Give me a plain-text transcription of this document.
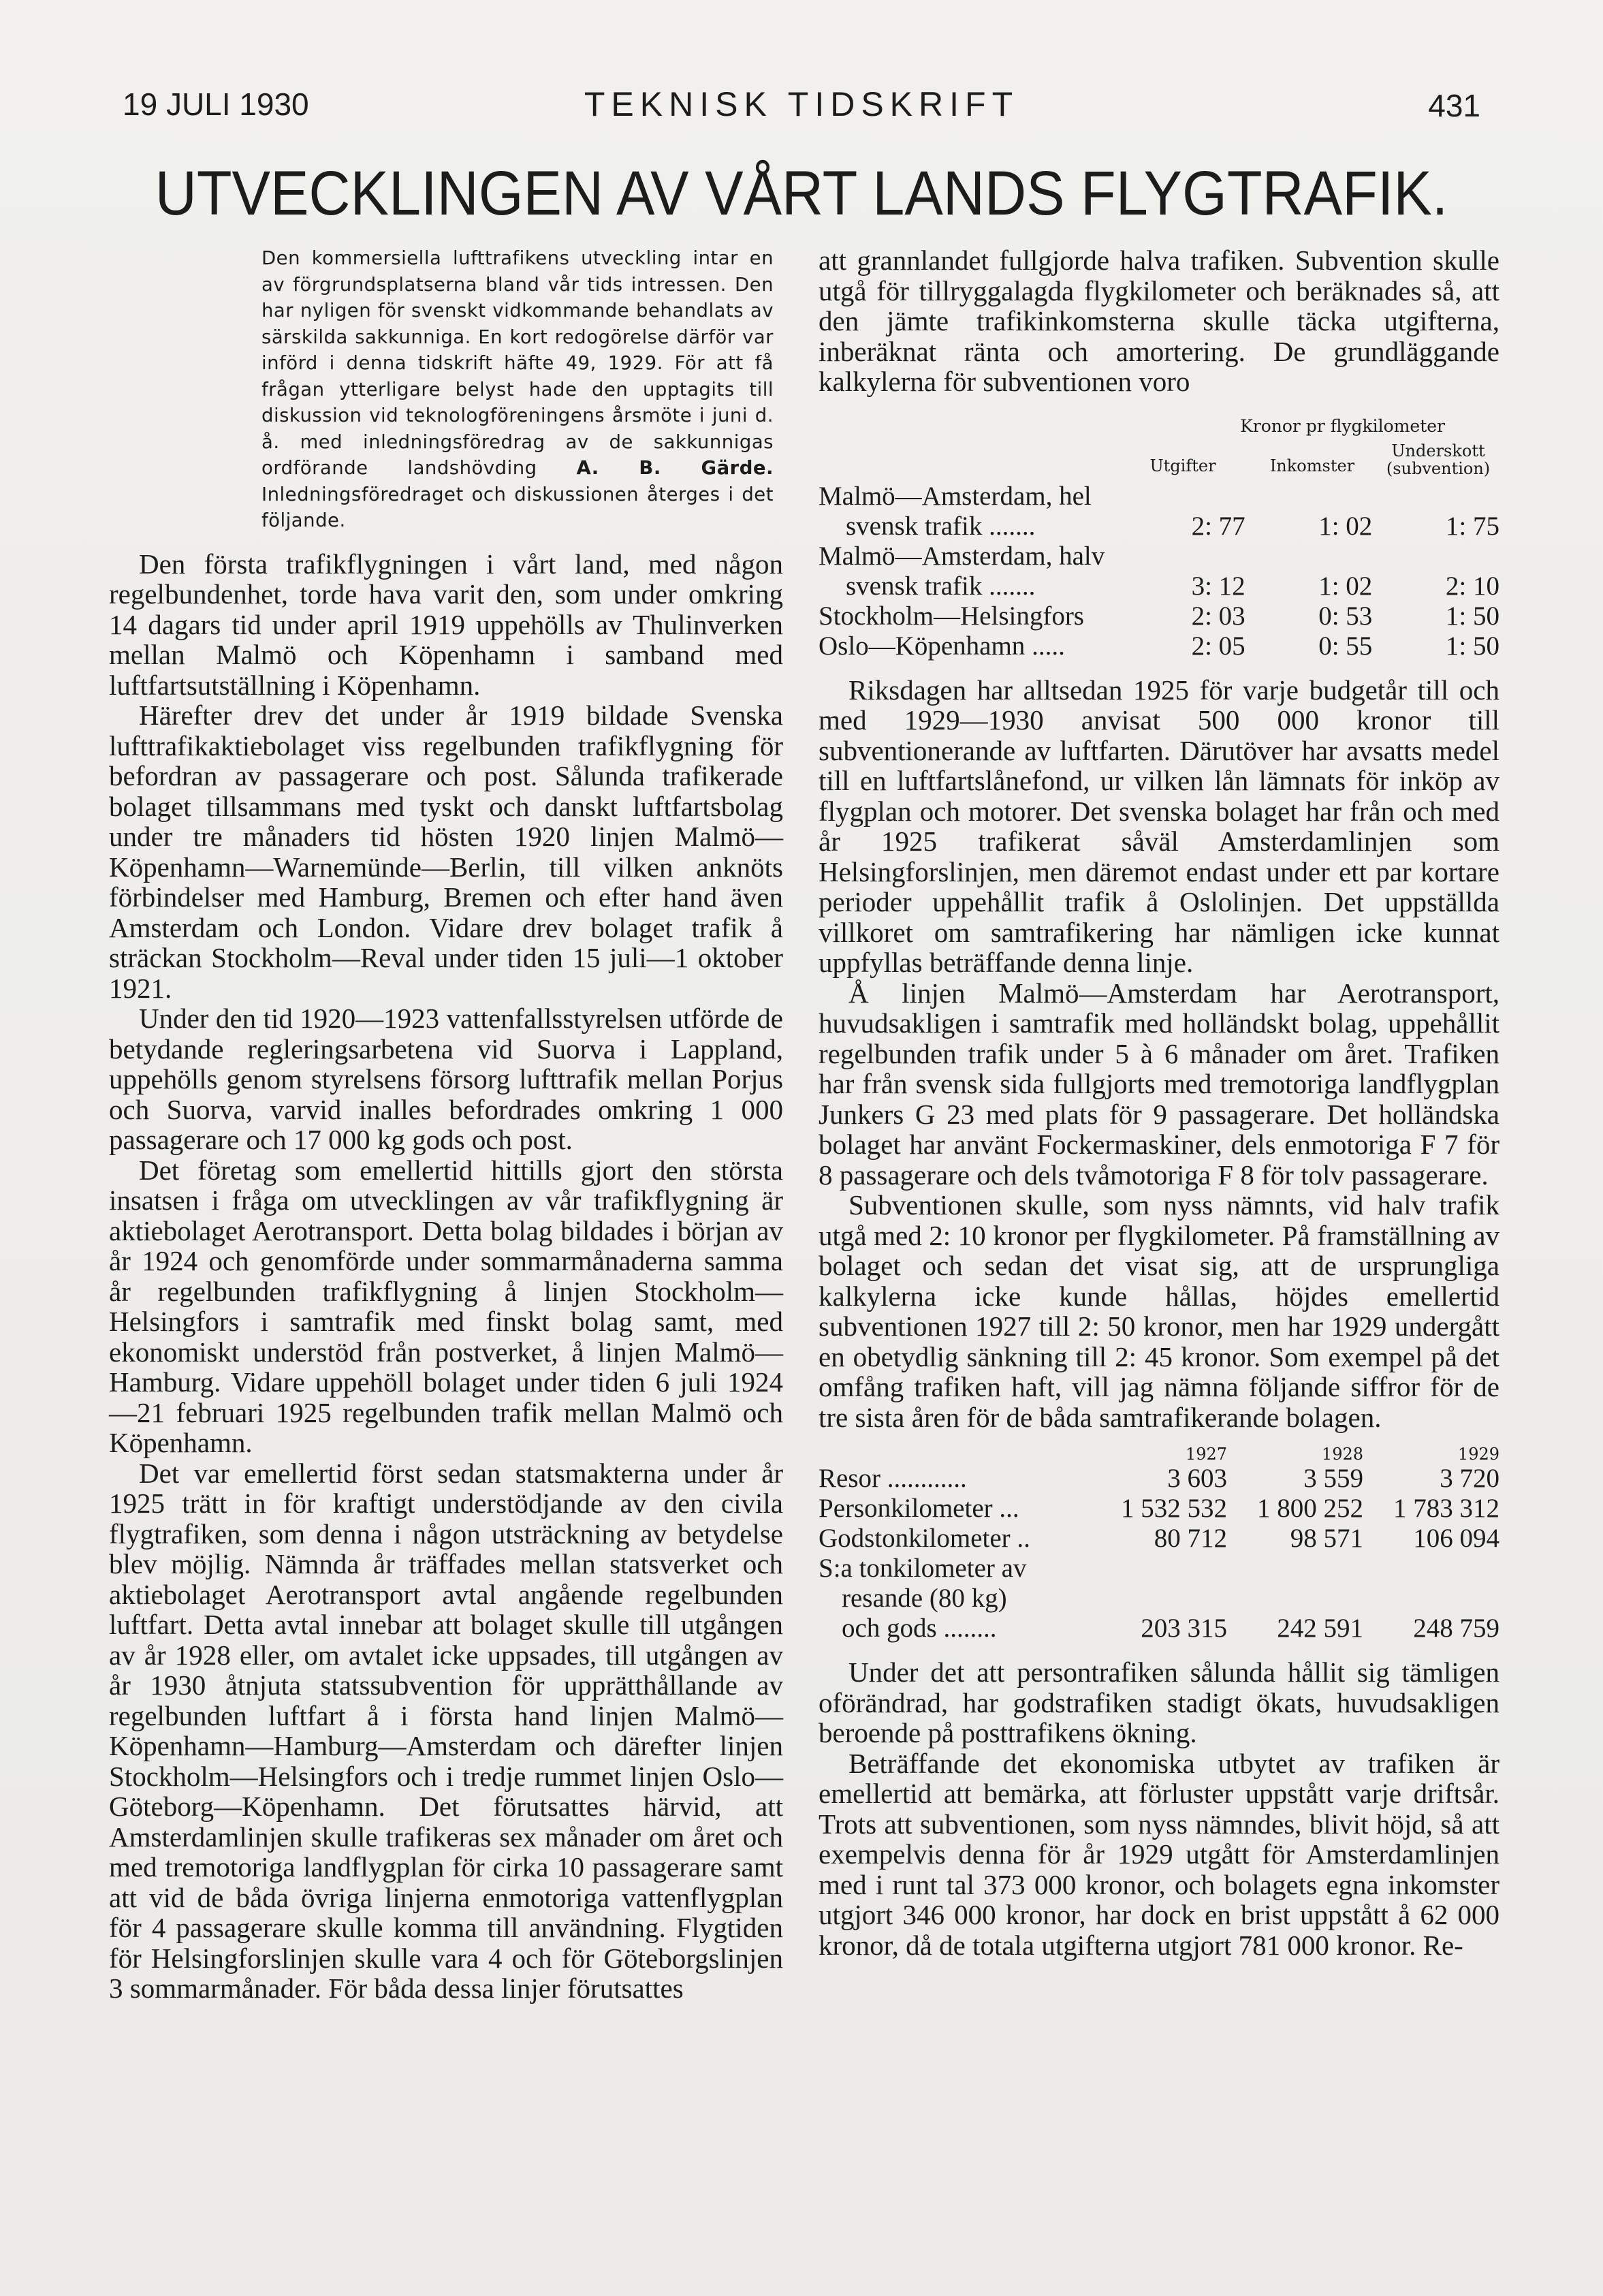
19 JULI 1930	TEKNISK TIDSKRIFT	431
UTVECKLINGEN AV VÅRT LANDS FLYGTRAFIK.

Den kommersiella lufttrafikens utveckling intar en av förgrundsplatserna bland vår tids intressen. Den har nyligen för svenskt vidkommande behandlats av särskilda sakkunniga. En kort redogörelse därför var införd i denna tidskrift häfte 49, 1929. För att få frågan ytterligare belyst hade den upptagits till diskussion vid teknologföreningens årsmöte i juni d. å. med inledningsföredrag av de sakkunnigas ordförande landshövding A. B. Gärde. Inledningsföredraget och diskussionen återges i det följande.

Den första trafikflygningen i vårt land, med någon regelbundenhet, torde hava varit den, som under omkring 14 dagars tid under april 1919 uppehölls av Thulinverken mellan Malmö och Köpenhamn i samband med luftfartsutställning i Köpenhamn.

Härefter drev det under år 1919 bildade Svenska lufttrafikaktiebolaget viss regelbunden trafikflygning för befordran av passagerare och post. Sålunda trafikerade bolaget tillsammans med tyskt och danskt luftfartsbolag under tre månaders tid hösten 1920 linjen Malmö—Köpenhamn—Warnemünde—Berlin, till vilken anknöts förbindelser med Hamburg, Bremen och efter hand även Amsterdam och London. Vidare drev bolaget trafik å sträckan Stockholm—Reval under tiden 15 juli—1 oktober 1921.

Under den tid 1920—1923 vattenfallsstyrelsen utförde de betydande regleringsarbetena vid Suorva i Lappland, uppehölls genom styrelsens försorg lufttrafik mellan Porjus och Suorva, varvid inalles befordrades omkring 1 000 passagerare och 17 000 kg gods och post.

Det företag som emellertid hittills gjort den största insatsen i fråga om utvecklingen av vår trafikflygning är aktiebolaget Aerotransport. Detta bolag bildades i början av år 1924 och genomförde under sommarmånaderna samma år regelbunden trafikflygning å linjen Stockholm—Helsingfors i samtrafik med finskt bolag samt, med ekonomiskt understöd från postverket, å linjen Malmö—Hamburg. Vidare uppehöll bolaget under tiden 6 juli 1924—21 februari 1925 regelbunden trafik mellan Malmö och Köpenhamn.

Det var emellertid först sedan statsmakterna under år 1925 trätt in för kraftigt understödjande av den civila flygtrafiken, som denna i någon utsträckning av betydelse blev möjlig. Nämnda år träffades mellan statsverket och aktiebolaget Aerotransport avtal angående regelbunden luftfart. Detta avtal innebar att bolaget skulle till utgången av år 1928 eller, om avtalet icke uppsades, till utgången av år 1930 åtnjuta statssubvention för upprätthållande av regelbunden luftfart å i första hand linjen Malmö—Köpenhamn—Hamburg—Amsterdam och därefter linjen Stockholm—Helsingfors och i tredje rummet linjen Oslo—Göteborg—Köpenhamn. Det förutsattes härvid, att Amsterdamlinjen skulle trafikeras sex månader om året och med tremotoriga landflygplan för cirka 10 passagerare samt att vid de båda övriga linjerna enmotoriga vattenflygplan för 4 passagerare skulle komma till användning. Flygtiden för Helsingforslinjen skulle vara 4 och för Göteborgslinjen 3 sommarmånader. För båda dessa linjer förutsattes

att grannlandet fullgjorde halva trafiken. Subvention skulle utgå för tillryggalagda flygkilometer och beräknades så, att den jämte trafikinkomsterna skulle täcka utgifterna, inberäknat ränta och amortering. De grundläggande kalkylerna för subventionen voro

Kronor pr flygkilometer
Utgifter	Inkomster
Underskott
(subvention)
Malmö—Amsterdam, hel			
svensk trafik .......	2: 77	1: 02	1: 75
Malmö—Amsterdam, halv			
svensk trafik .......	3: 12	1: 02	2: 10
Stockholm—Helsingfors	2: 03	0: 53	1: 50
Oslo—Köpenhamn .....	2: 05	0: 55	1: 50

Riksdagen har alltsedan 1925 för varje budgetår till och med 1929—1930 anvisat 500 000 kronor till subventionerande av luftfarten. Därutöver har avsatts medel till en luftfartslånefond, ur vilken lån lämnats för inköp av flygplan och motorer. Det svenska bolaget har från och med år 1925 trafikerat såväl Amsterdamlinjen som Helsingforslinjen, men däremot endast under ett par kortare perioder uppehållit trafik å Oslolinjen. Det uppställda villkoret om samtrafikering har nämligen icke kunnat uppfyllas beträffande denna linje.

Å linjen Malmö—Amsterdam har Aerotransport, huvudsakligen i samtrafik med holländskt bolag, uppehållit regelbunden trafik under 5 à 6 månader om året. Trafiken har från svensk sida fullgjorts med tremotoriga landflygplan Junkers G 23 med plats för 9 passagerare. Det holländska bolaget har använt Fockermaskiner, dels enmotoriga F 7 för 8 passagerare och dels tvåmotoriga F 8 för tolv passagerare.

Subventionen skulle, som nyss nämnts, vid halv trafik utgå med 2: 10 kronor per flygkilometer. På framställning av bolaget och sedan det visat sig, att de ursprungliga kalkylerna icke kunde hållas, höjdes emellertid subventionen 1927 till 2: 50 kronor, men har 1929 undergått en obetydlig sänkning till 2: 45 kronor. Som exempel på det omfång trafiken haft, vill jag nämna följande siffror för de tre sista åren för de båda samtrafikerande bolagen.

	1927	1928	1929
Resor ............	3 603	3 559	3 720
Personkilometer ...	1 532 532	1 800 252	1 783 312
Godstonkilometer ..	80 712	98 571	106 094
S:a tonkilometer av			
resande (80 kg)			
och gods ........	203 315	242 591	248 759

Under det att persontrafiken sålunda hållit sig tämligen oförändrad, har godstrafiken stadigt ökats, huvudsakligen beroende på posttrafikens ökning.

Beträffande det ekonomiska utbytet av trafiken är emellertid att bemärka, att förluster uppstått varje driftsår. Trots att subventionen, som nyss nämndes, blivit höjd, så att exempelvis denna för år 1929 utgått för Amsterdamlinjen med i runt tal 373 000 kronor, och bolagets egna inkomster utgjort 346 000 kronor, har dock en brist uppstått å 62 000 kronor, då de totala utgifterna utgjort 781 000 kronor. Re-
